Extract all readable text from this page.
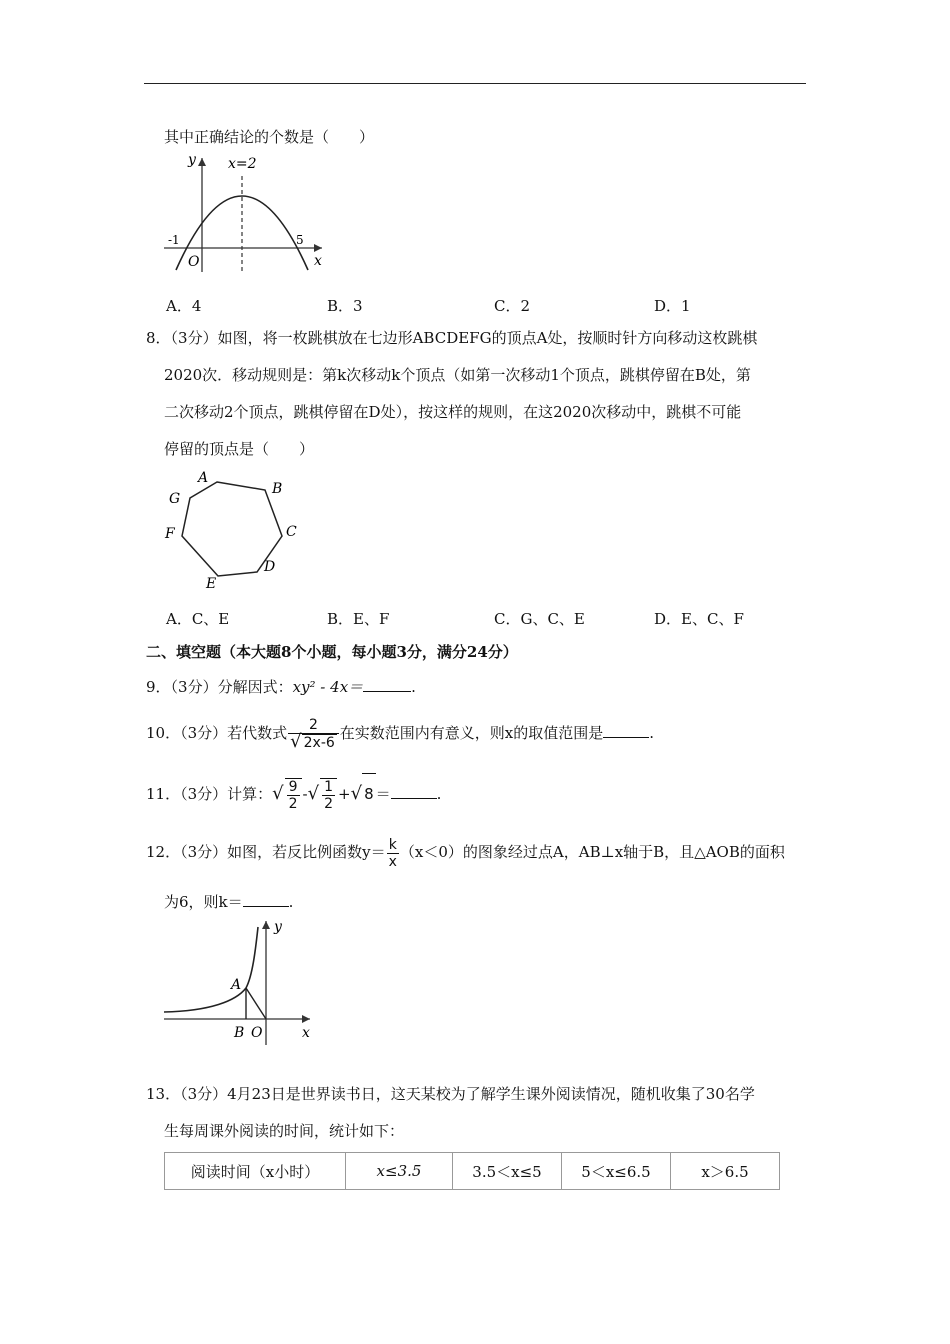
其中正确结论的个数是（　　）
y
x
x=2
-1	5
O
A．4	B．3	C．2	D．1
8．（3分）如图，将一枚跳棋放在七边形ABCDEFG的顶点A处，按顺时针方向移动这枚跳棋
2020次．移动规则是：第k次移动k个顶点（如第一次移动1个顶点，跳棋停留在B处，第
二次移动2个顶点，跳棋停留在D处），按这样的规则，在这2020次移动中，跳棋不可能
停留的顶点是（　　）
A
B
C
D
E
F
G
A．C、E	B．E、F	C．G、C、E	D．E、C、F
二、填空题（本大题8个小题，每小题3分，满分24分）
9．（3分）分解因式：xy² - 4x＝	.
10．（3分）若代数式 $\frac{2}{√ 2x-6}$ 在实数范围内有意义，则x的取值范围是	.
11．（3分）计算：√ $\frac{9}{2}$ -√ $\frac{1}{2}$ +√ 8 ＝	.
12．（3分）如图，若反比例函数$y= \frac{k}{x} (x<0)$的图象经过点A，AB⊥x轴于B，且△AOB的面积
为6，则k＝	.
y
x
A
B O
13．（3分）4月23日是世界读书日，这天某校为了解学生课外阅读情况，随机收集了30名学
生每周课外阅读的时间，统计如下：
阅读时间（x小时）	x≤3.5	3.5＜x≤5	5＜x≤6.5	x＞6.5
